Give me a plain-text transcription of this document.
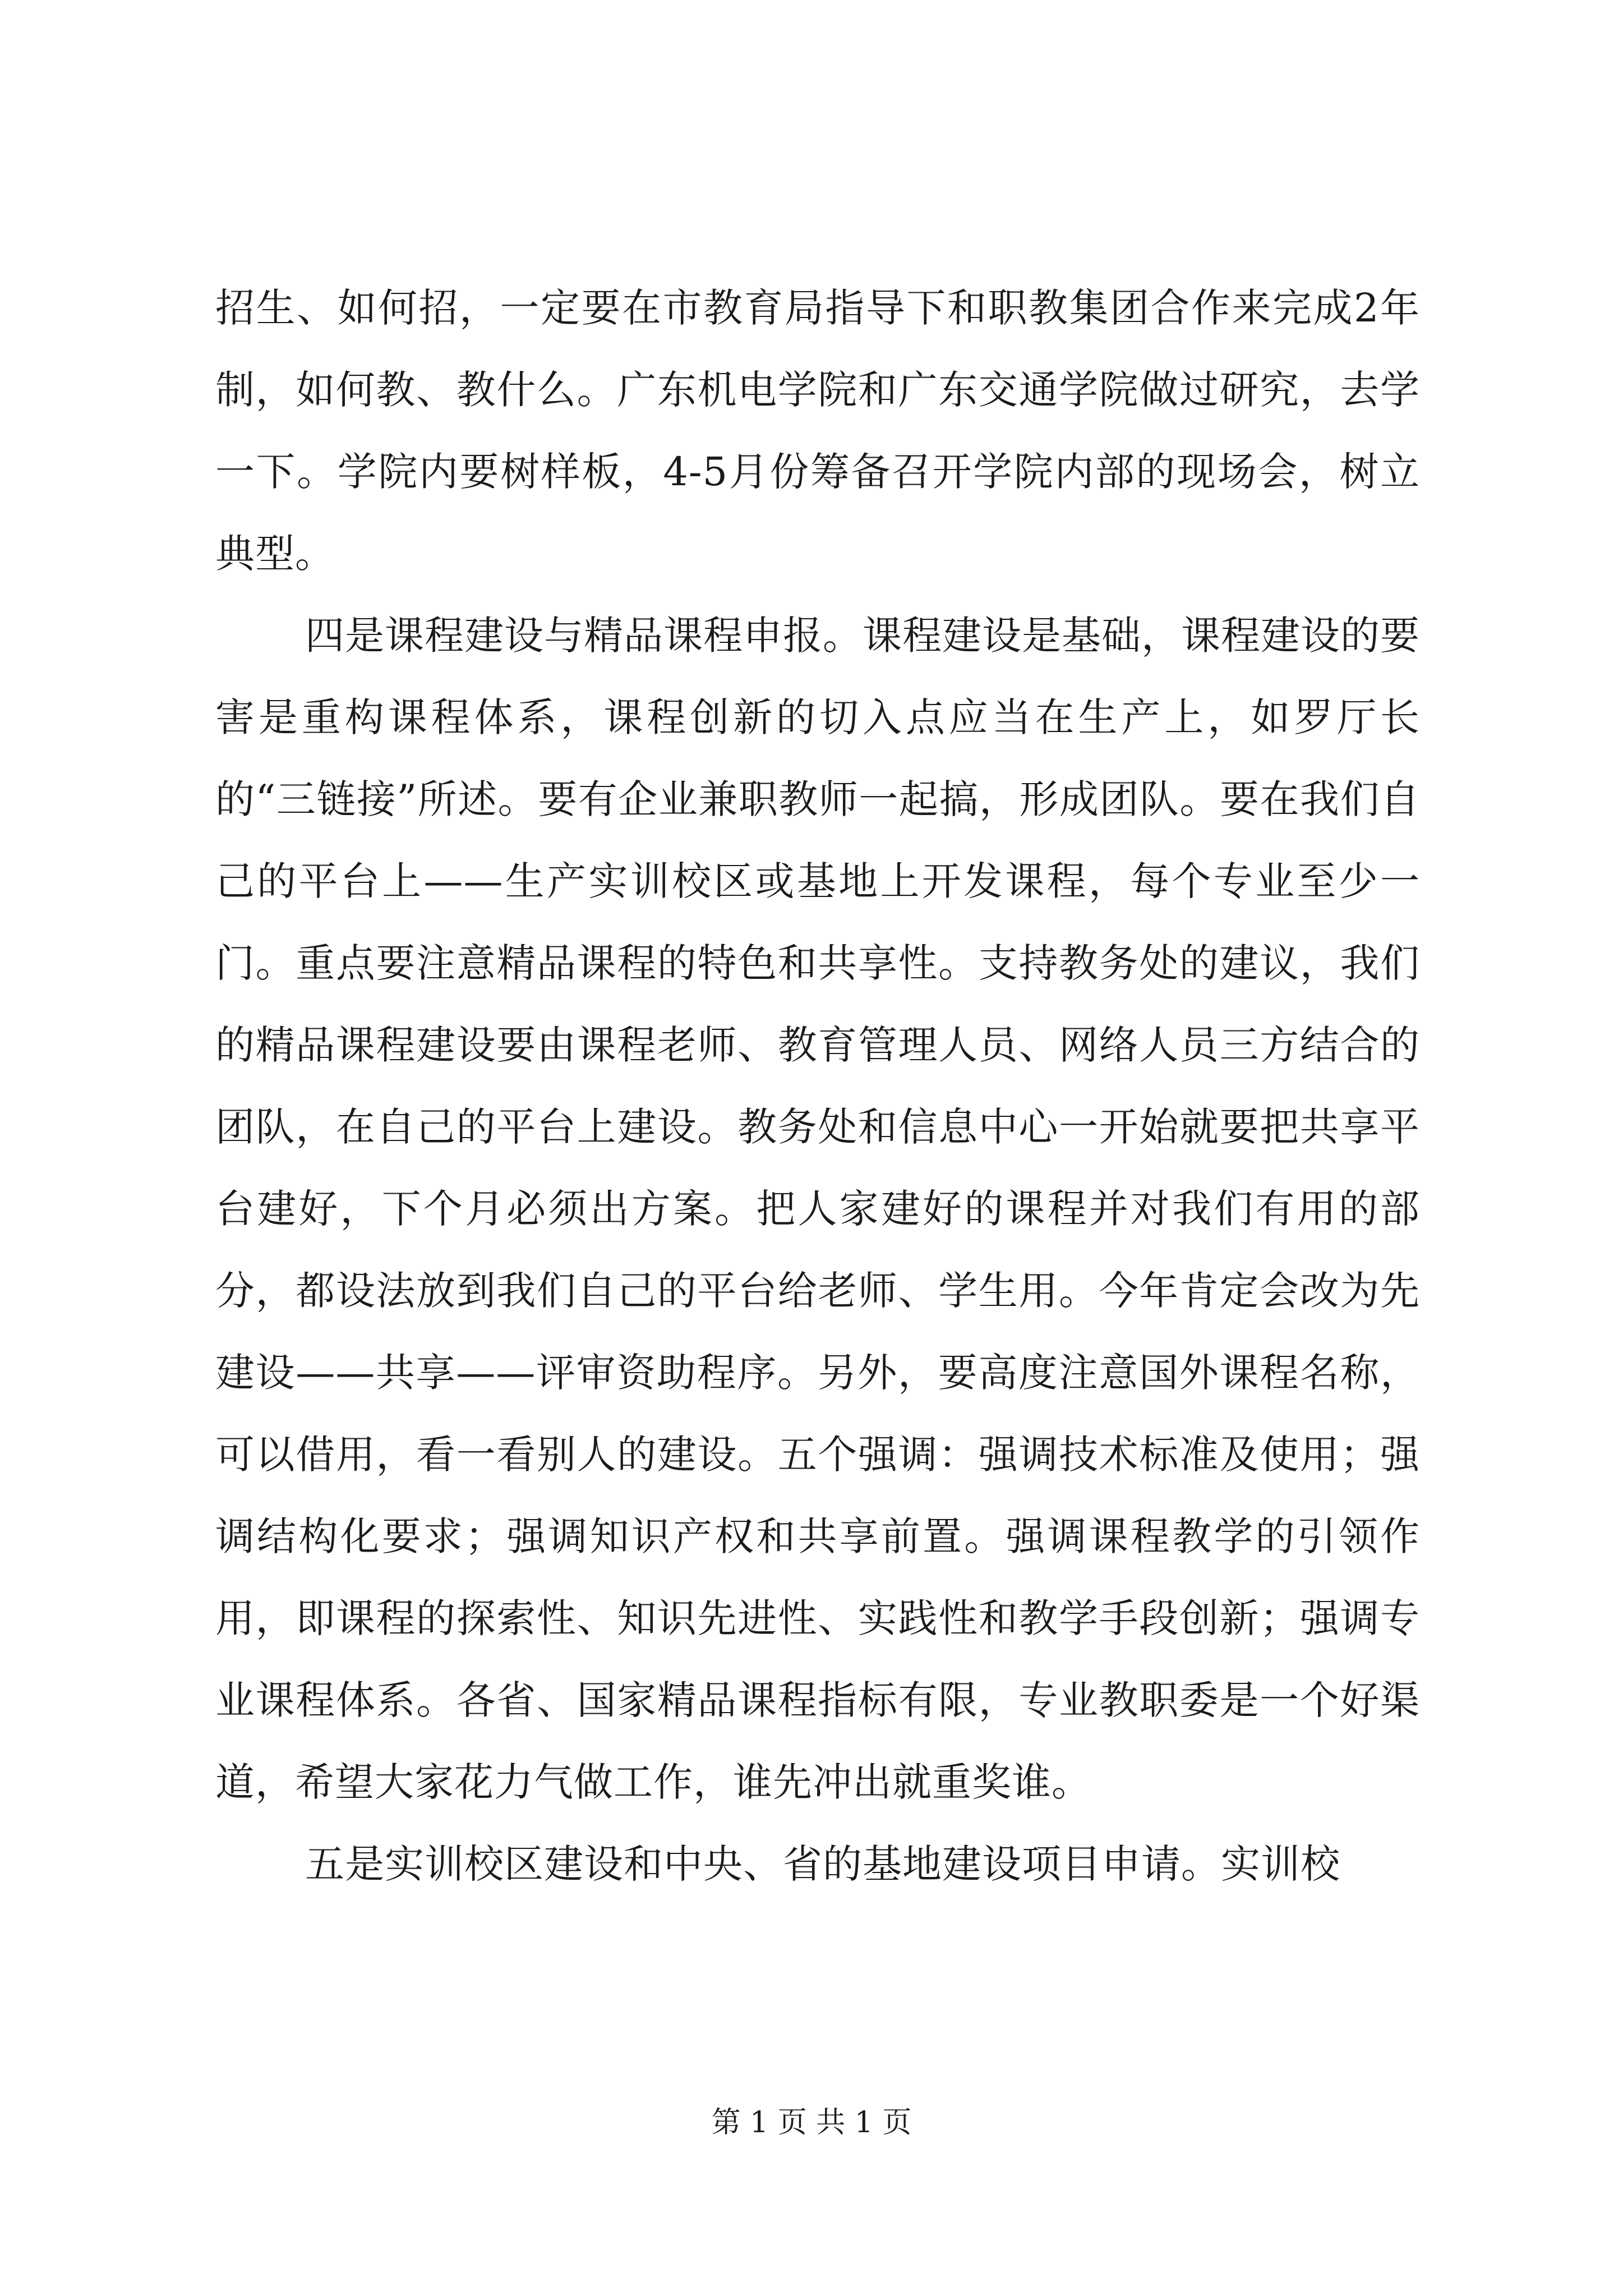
招生、如何招，一定要在市教育局指导下和职教集团合作来完成2年制，如何教、教什么。广东机电学院和广东交通学院做过研究，去学一下。学院内要树样板，4-5月份筹备召开学院内部的现场会，树立典型。

四是课程建设与精品课程申报。课程建设是基础，课程建设的要害是重构课程体系，课程创新的切入点应当在生产上，如罗厅长的“三链接”所述。要有企业兼职教师一起搞，形成团队。要在我们自己的平台上——生产实训校区或基地上开发课程，每个专业至少一门。重点要注意精品课程的特色和共享性。支持教务处的建议，我们的精品课程建设要由课程老师、教育管理人员、网络人员三方结合的团队，在自己的平台上建设。教务处和信息中心一开始就要把共享平台建好，下个月必须出方案。把人家建好的课程并对我们有用的部分，都设法放到我们自己的平台给老师、学生用。今年肯定会改为先建设——共享——评审资助程序。另外，要高度注意国外课程名称，可以借用，看一看别人的建设。五个强调：强调技术标准及使用；强调结构化要求；强调知识产权和共享前置。强调课程教学的引领作用，即课程的探索性、知识先进性、实践性和教学手段创新；强调专业课程体系。各省、国家精品课程指标有限，专业教职委是一个好渠道，希望大家花力气做工作，谁先冲出就重奖谁。

五是实训校区建设和中央、省的基地建设项目申请。实训校

第 1 页 共 1 页
